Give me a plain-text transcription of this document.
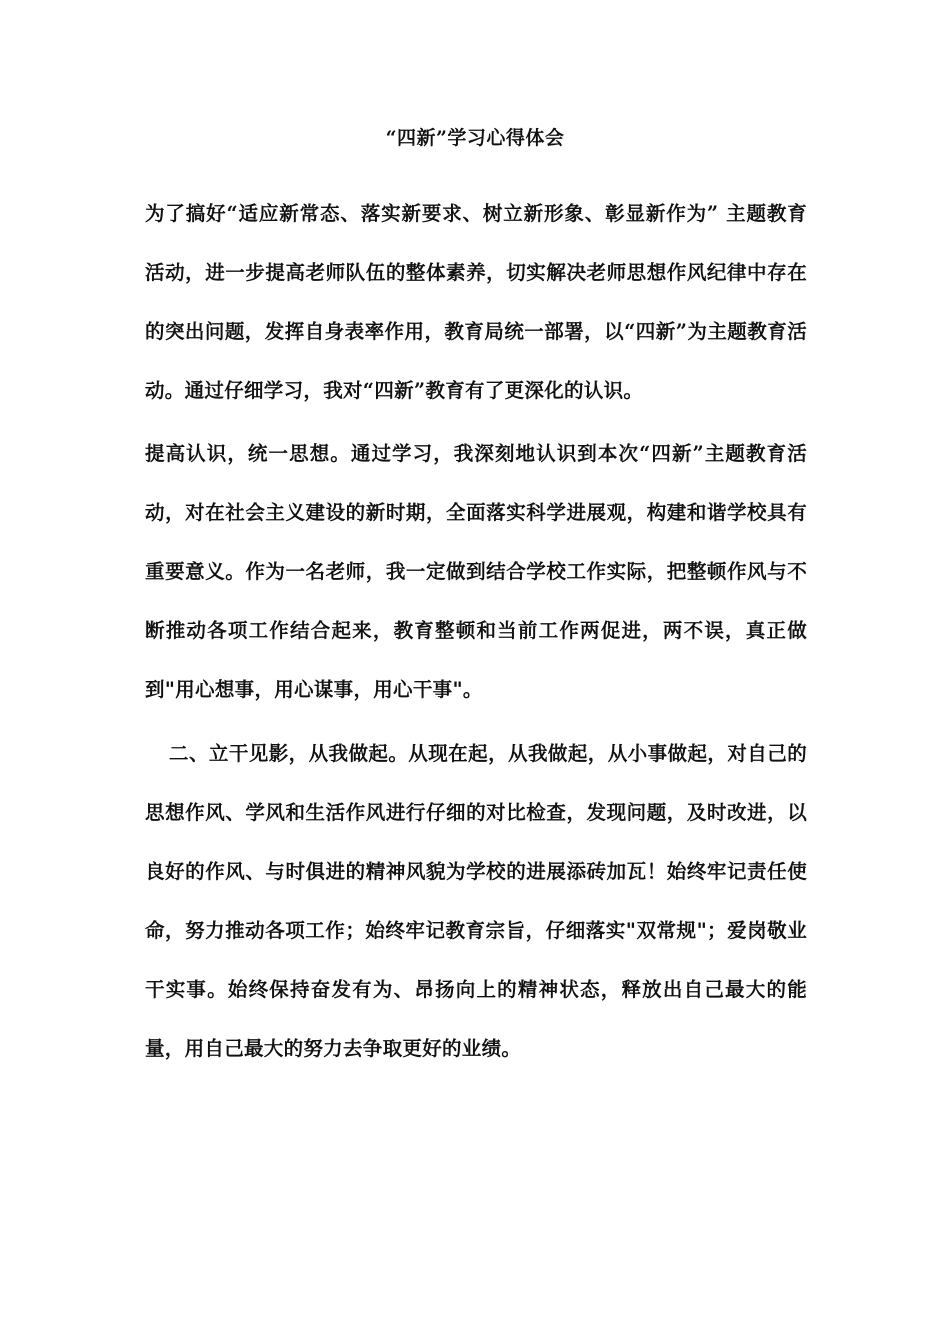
“四新”学习心得体会

为了搞好“适应新常态、落实新要求、树立新形象、彰显新作为” 主题教育活动，进一步提高老师队伍的整体素养，切实解决老师思想作风纪律中存在的突出问题，发挥自身表率作用，教育局统一部署，以“四新”为主题教育活动。通过仔细学习，我对“四新”教育有了更深化的认识。

提高认识，统一思想。通过学习，我深刻地认识到本次“四新”主题教育活动，对在社会主义建设的新时期，全面落实科学进展观，构建和谐学校具有重要意义。作为一名老师，我一定做到结合学校工作实际，把整顿作风与不断推动各项工作结合起来，教育整顿和当前工作两促进，两不误，真正做到"用心想事，用心谋事，用心干事"。

二、立干见影，从我做起。从现在起，从我做起，从小事做起，对自己的思想作风、学风和生活作风进行仔细的对比检查，发现问题，及时改进，以良好的作风、与时俱进的精神风貌为学校的进展添砖加瓦！始终牢记责任使命，努力推动各项工作；始终牢记教育宗旨，仔细落实"双常规"；爱岗敬业干实事。始终保持奋发有为、昂扬向上的精神状态，释放出自己最大的能量，用自己最大的努力去争取更好的业绩。
